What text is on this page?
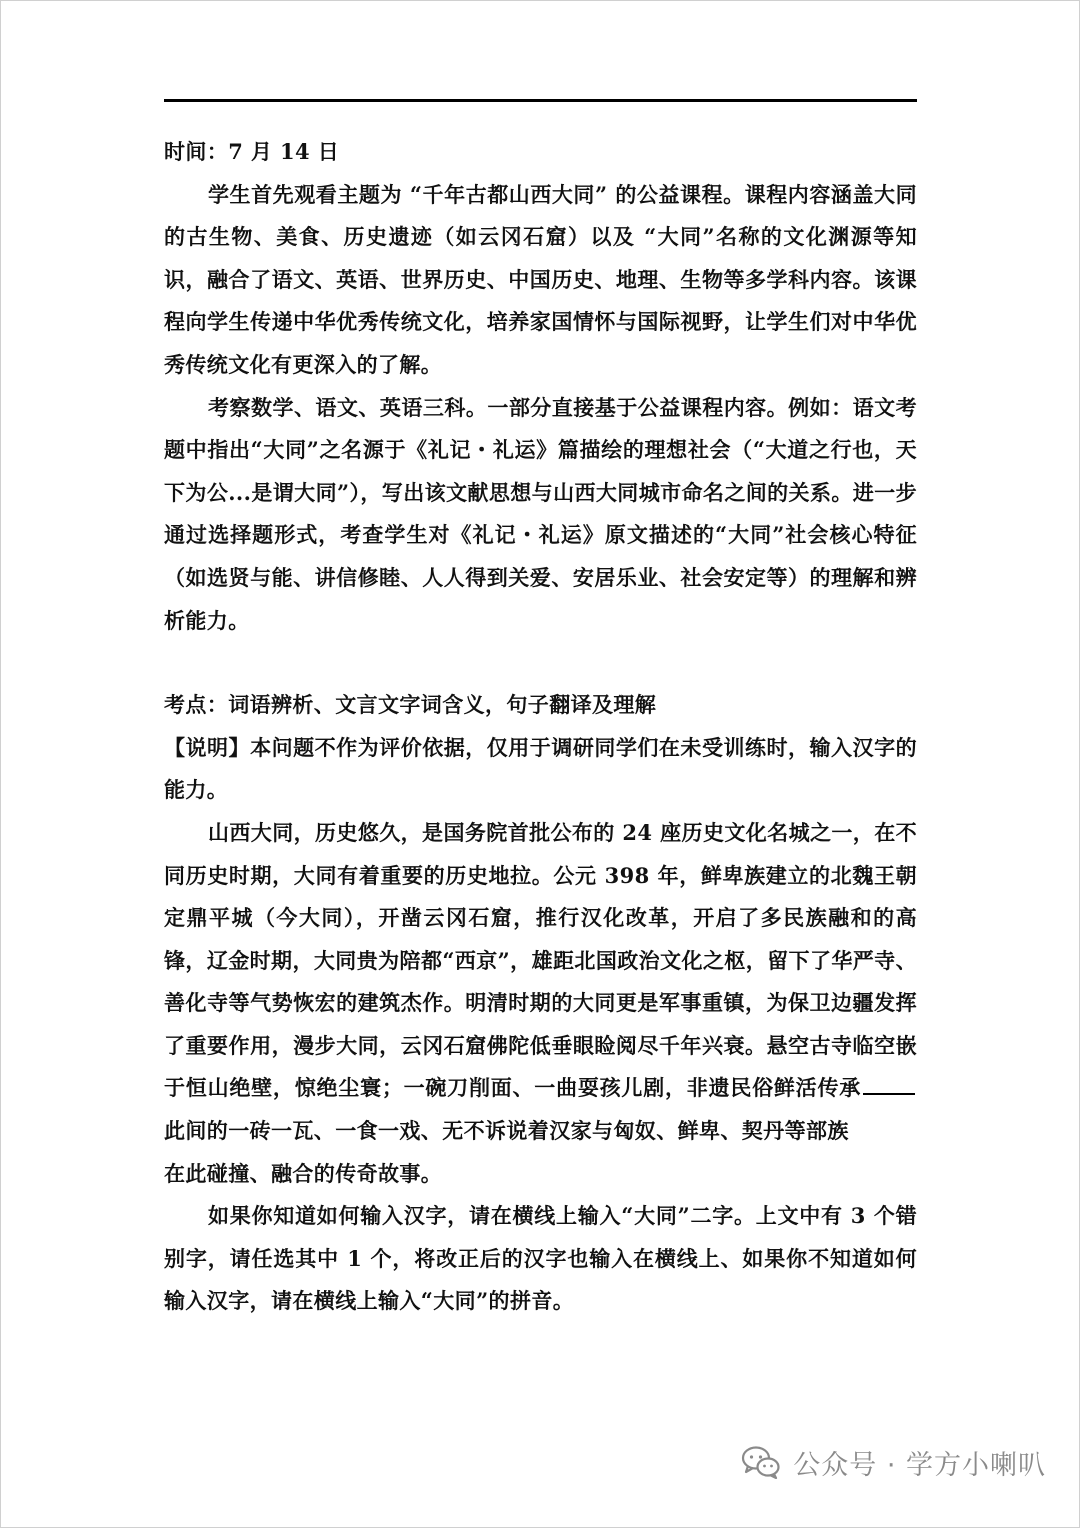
时间：7 月 14 日

学生首先观看主题为 “千年古都山西大同” 的公益课程。课程内容涵盖大同的古生物、美食、历史遗迹（如云冈石窟）以及 “大同”名称的文化渊源等知识，融合了语文、英语、世界历史、中国历史、地理、生物等多学科内容。该课程向学生传递中华优秀传统文化，培养家国情怀与国际视野，让学生们对中华优秀传统文化有更深入的了解。

考察数学、语文、英语三科。一部分直接基于公益课程内容。例如：语文考题中指出“大同”之名源于《礼记・礼运》篇描绘的理想社会（“大道之行也，天下为公...是谓大同”），写出该文献思想与山西大同城市命名之间的关系。进一步通过选择题形式，考查学生对《礼记・礼运》原文描述的“大同”社会核心特征（如选贤与能、讲信修睦、人人得到关爱、安居乐业、社会安定等）的理解和辨析能力。

考点：词语辨析、文言文字词含义，句子翻译及理解

【说明】本问题不作为评价依据，仅用于调研同学们在未受训练时，输入汉字的能力。

山西大同，历史悠久，是国务院首批公布的 24 座历史文化名城之一，在不同历史时期，大同有着重要的历史地拉。公元 398 年，鲜卑族建立的北魏王朝定鼎平城（今大同），开凿云冈石窟，推行汉化改革，开启了多民族融和的高锋，辽金时期，大同贵为陪都“西京”，雄距北国政治文化之枢，留下了华严寺、善化寺等气势恢宏的建筑杰作。明清时期的大同更是军事重镇，为保卫边疆发挥了重要作用，漫步大同，云冈石窟佛陀低垂眼睑阅尽千年兴衰。悬空古寺临空嵌于恒山绝壁，惊绝尘寰；一碗刀削面、一曲耍孩儿剧，非遗民俗鲜活传承此间的一砖一瓦、一食一戏、无不诉说着汉家与匈奴、鲜卑、契丹等部族

在此碰撞、融合的传奇故事。

如果你知道如何输入汉字，请在横线上输入“大同”二字。上文中有 3 个错别字，请任选其中 1 个，将改正后的汉字也输入在横线上、如果你不知道如何输入汉字，请在横线上输入“大同”的拼音。

公众号 · 学方小喇叭
